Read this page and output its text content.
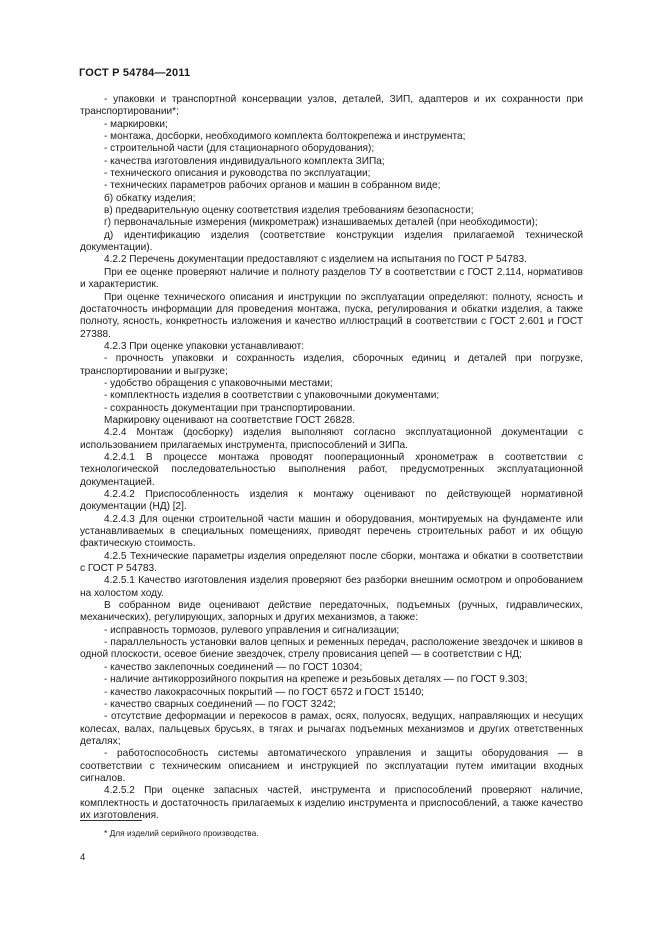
ГОСТ Р 54784—2011

- упаковки и транспортной консервации узлов, деталей, ЗИП, адаптеров и их сохранности при транспортировании*;

- маркировки;

- монтажа, досборки, необходимого комплекта болтокрепежа и инструмента;

- строительной части (для стационарного оборудования);

- качества изготовления индивидуального комплекта ЗИПа;

- технического описания и руководства по эксплуатации;

- технических параметров рабочих органов и машин в собранном виде;

б) обкатку изделия;

в) предварительную оценку соответствия изделия требованиям безопасности;

г) первоначальные измерения (микрометраж) изнашиваемых деталей (при необходимости);

д) идентификацию изделия (соответствие конструкции изделия прилагаемой технической документации).

4.2.2 Перечень документации предоставляют с изделием на испытания по ГОСТ Р 54783.

При ее оценке проверяют наличие и полноту разделов ТУ в соответствии с ГОСТ 2.114, нормативов и характеристик.

При оценке технического описания и инструкции по эксплуатации определяют: полноту, ясность и достаточность информации для проведения монтажа, пуска, регулирования и обкатки изделия, а также полноту, ясность, конкретность изложения и качество иллюстраций в соответствии с ГОСТ 2.601 и ГОСТ 27388.

4.2.3 При оценке упаковки устанавливают:

- прочность упаковки и сохранность изделия, сборочных единиц и деталей при погрузке, транспортировании и выгрузке;

- удобство обращения с упаковочными местами;

- комплектность изделия в соответствии с упаковочными документами;

- сохранность документации при транспортировании.

Маркировку оценивают на соответствие ГОСТ 26828.

4.2.4 Монтаж (досборку) изделия выполняют согласно эксплуатационной документации с использованием прилагаемых инструмента, приспособлений и ЗИПа.

4.2.4.1 В процессе монтажа проводят пооперационный хронометраж в соответствии с технологической последовательностью выполнения работ, предусмотренных эксплуатационной документацией.

4.2.4.2 Приспособленность изделия к монтажу оценивают по действующей нормативной документации (НД) [2].

4.2.4.3 Для оценки строительной части машин и оборудования, монтируемых на фундаменте или устанавливаемых в специальных помещениях, приводят перечень строительных работ и их общую фактическую стоимость.

4.2.5 Технические параметры изделия определяют после сборки, монтажа и обкатки в соответствии с ГОСТ Р 54783.

4.2.5.1 Качество изготовления изделия проверяют без разборки внешним осмотром и опробованием на холостом ходу.

В собранном виде оценивают действие передаточных, подъемных (ручных, гидравлических, механических), регулирующих, запорных и других механизмов, а также:

- исправность тормозов, рулевого управления и сигнализации;

- параллельность установки валов цепных и ременных передач, расположение звездочек и шкивов в одной плоскости, осевое биение звездочек, стрелу провисания цепей — в соответствии с НД;

- качество заклепочных соединений — по ГОСТ 10304;

- наличие антикоррозийного покрытия на крепеже и резьбовых деталях — по ГОСТ 9.303;

- качество лакокрасочных покрытий — по ГОСТ 6572 и ГОСТ 15140;

- качество сварных соединений — по ГОСТ 3242;

- отсутствие деформации и перекосов в рамах, осях, полуосях, ведущих, направляющих и несущих колесах, валах, пальцевых брусьях, в тягах и рычагах подъемных механизмов и других ответственных деталях;

- работоспособность системы автоматического управления и защиты оборудования — в соответствии с техническим описанием и инструкцией по эксплуатации путем имитации входных сигналов.

4.2.5.2 При оценке запасных частей, инструмента и приспособлений проверяют наличие, комплектность и достаточность прилагаемых к изделию инструмента и приспособлений, а также качество их изготовления.

* Для изделий серийного производства.
4
